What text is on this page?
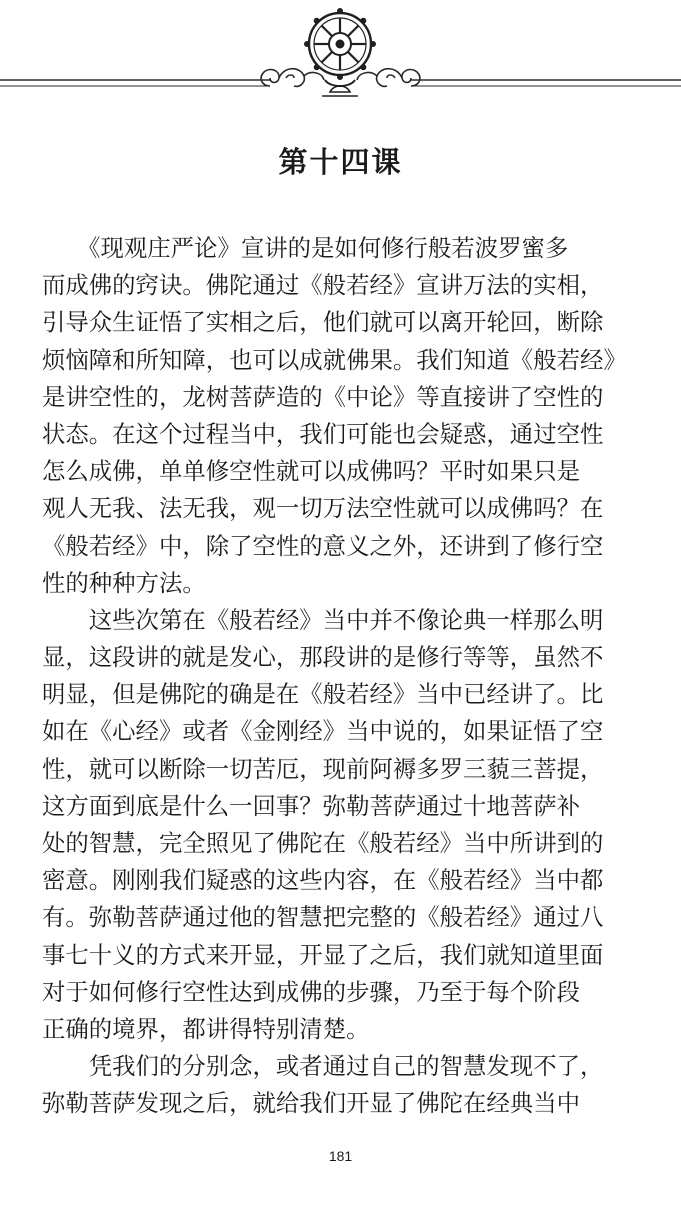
第十四课
　　《现观庄严论》宣讲的是如何修行般若波罗蜜多
而成佛的窍诀。佛陀通过《般若经》宣讲万法的实相，
引导众生证悟了实相之后，他们就可以离开轮回，断除
烦恼障和所知障，也可以成就佛果。我们知道《般若经》
是讲空性的，龙树菩萨造的《中论》等直接讲了空性的
状态。在这个过程当中，我们可能也会疑惑，通过空性
怎么成佛，单单修空性就可以成佛吗？平时如果只是
观人无我、法无我，观一切万法空性就可以成佛吗？在
《般若经》中，除了空性的意义之外，还讲到了修行空
性的种种方法。
　　这些次第在《般若经》当中并不像论典一样那么明
显，这段讲的就是发心，那段讲的是修行等等，虽然不
明显，但是佛陀的确是在《般若经》当中已经讲了。比
如在《心经》或者《金刚经》当中说的，如果证悟了空
性，就可以断除一切苦厄，现前阿褥多罗三藐三菩提，
这方面到底是什么一回事？弥勒菩萨通过十地菩萨补
处的智慧，完全照见了佛陀在《般若经》当中所讲到的
密意。刚刚我们疑惑的这些内容，在《般若经》当中都
有。弥勒菩萨通过他的智慧把完整的《般若经》通过八
事七十义的方式来开显，开显了之后，我们就知道里面
对于如何修行空性达到成佛的步骤，乃至于每个阶段
正确的境界，都讲得特别清楚。
　　凭我们的分别念，或者通过自己的智慧发现不了，
弥勒菩萨发现之后，就给我们开显了佛陀在经典当中
181
